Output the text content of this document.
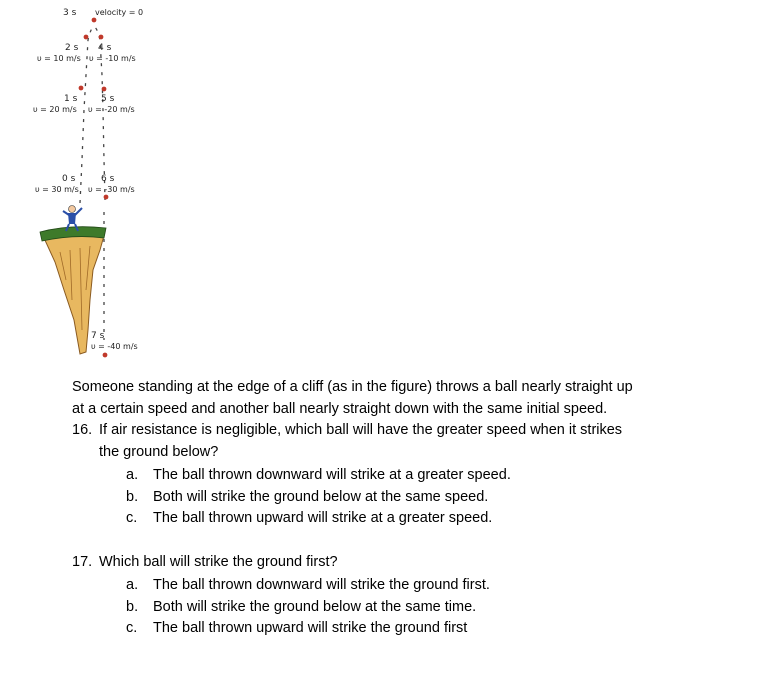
3 s velocity = 0
2 s 4 s
υ = 10 m/s υ = -10 m/s
1 s	5 s
υ = 20 m/s υ = -20 m/s
0 s	6 s
υ = 30 m/s υ = -30 m/s
7 s
υ = -40 m/s

Someone standing at the edge of a cliff (as in the figure) throws a ball nearly straight up at a certain speed and another ball nearly straight down with the same initial speed.

16. If air resistance is negligible, which ball will have the greater speed when it strikes the ground below?

a. The ball thrown downward will strike at a greater speed.
b. Both will strike the ground below at the same speed.
c. The ball thrown upward will strike at a greater speed.

17. Which ball will strike the ground first?

a. The ball thrown downward will strike the ground first.
b. Both will strike the ground below at the same time.
c. The ball thrown upward will strike the ground first
